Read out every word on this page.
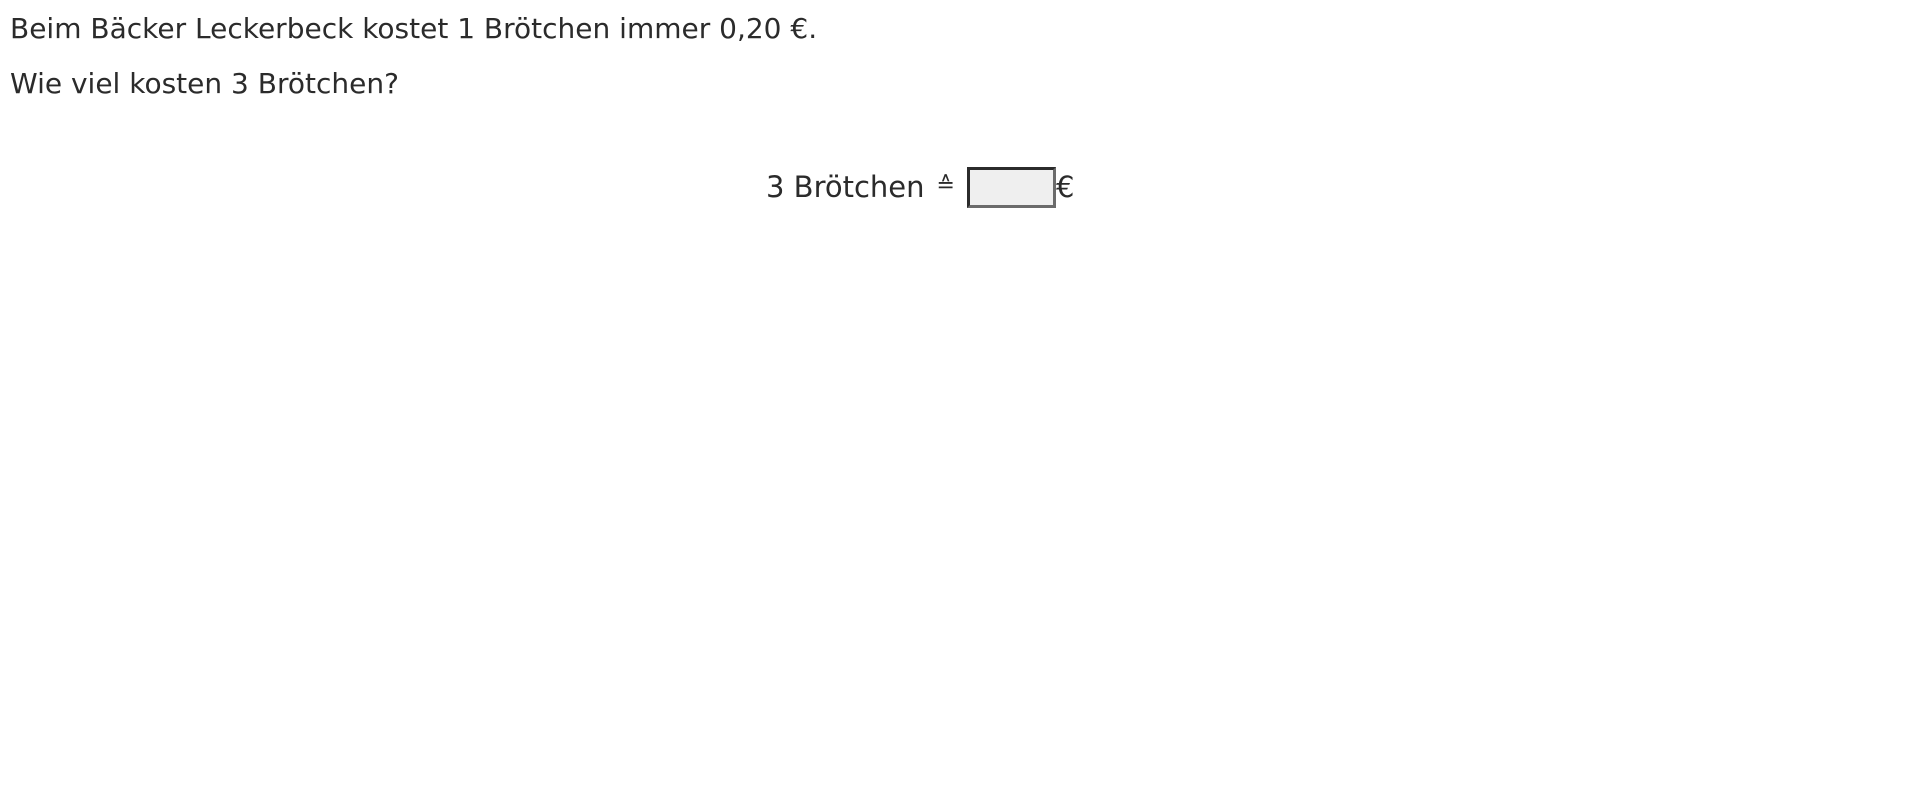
Beim Bäcker Leckerbeck kostet 1 Brötchen immer 0,20 €.
Wie viel kosten 3 Brötchen?
3 Brötchen ≙	€
